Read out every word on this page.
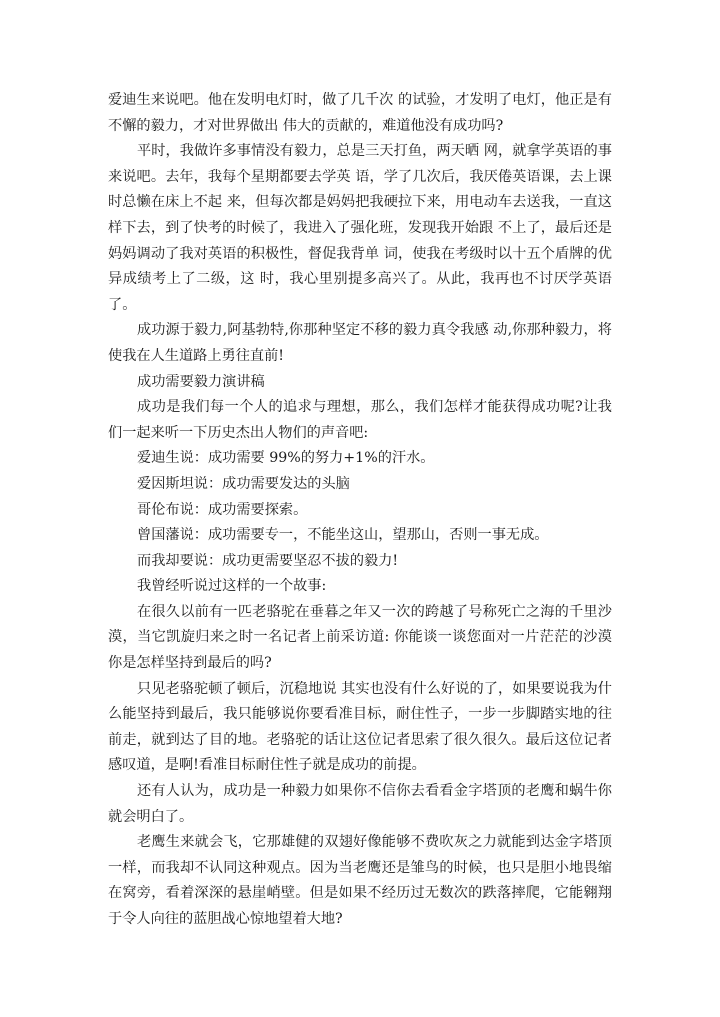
爱迪生来说吧。他在发明电灯时，做了几千次 的试验，才发明了电灯，他正是有不懈的毅力，才对世界做出 伟大的贡献的，难道他没有成功吗?

平时，我做许多事情没有毅力，总是三天打鱼，两天晒 网，就拿学英语的事来说吧。去年，我每个星期都要去学英 语，学了几次后，我厌倦英语课，去上课时总懒在床上不起 来，但每次都是妈妈把我硬拉下来，用电动车去送我，一直这 样下去，到了快考的时候了，我进入了强化班，发现我开始跟 不上了，最后还是妈妈调动了我对英语的积极性，督促我背单 词，使我在考级时以十五个盾牌的优异成绩考上了二级，这 时，我心里别提多高兴了。从此，我再也不讨厌学英语了。

成功源于毅力,阿基勃特,你那种坚定不移的毅力真令我感 动,你那种毅力，将使我在人生道路上勇往直前!

成功需要毅力演讲稿

成功是我们每一个人的追求与理想，那么，我们怎样才能获得成功呢?让我们一起来听一下历史杰出人物们的声音吧:

爱迪生说：成功需要 99%的努力+1%的汗水。

爱因斯坦说：成功需要发达的头脑

哥伦布说：成功需要探索。

曾国藩说：成功需要专一，不能坐这山，望那山，否则一事无成。

而我却要说：成功更需要坚忍不拔的毅力!

我曾经听说过这样的一个故事:

在很久以前有一匹老骆驼在垂暮之年又一次的跨越了号称死亡之海的千里沙漠，当它凯旋归来之时一名记者上前采访道: 你能谈一谈您面对一片茫茫的沙漠你是怎样坚持到最后的吗?

只见老骆驼顿了顿后，沉稳地说 其实也没有什么好说的了，如果要说我为什么能坚持到最后，我只能够说你要看准目标，耐住性子，一步一步脚踏实地的往前走，就到达了目的地。老骆驼的话让这位记者思索了很久很久。最后这位记者感叹道，是啊!看准目标耐住性子就是成功的前提。

还有人认为，成功是一种毅力如果你不信你去看看金字塔顶的老鹰和蜗牛你就会明白了。

老鹰生来就会飞，它那雄健的双翅好像能够不费吹灰之力就能到达金字塔顶一样，而我却不认同这种观点。因为当老鹰还是雏鸟的时候，也只是胆小地畏缩在窝旁，看着深深的悬崖峭壁。但是如果不经历过无数次的跌落摔爬，它能翱翔于令人向往的蓝胆战心惊地望着大地?
